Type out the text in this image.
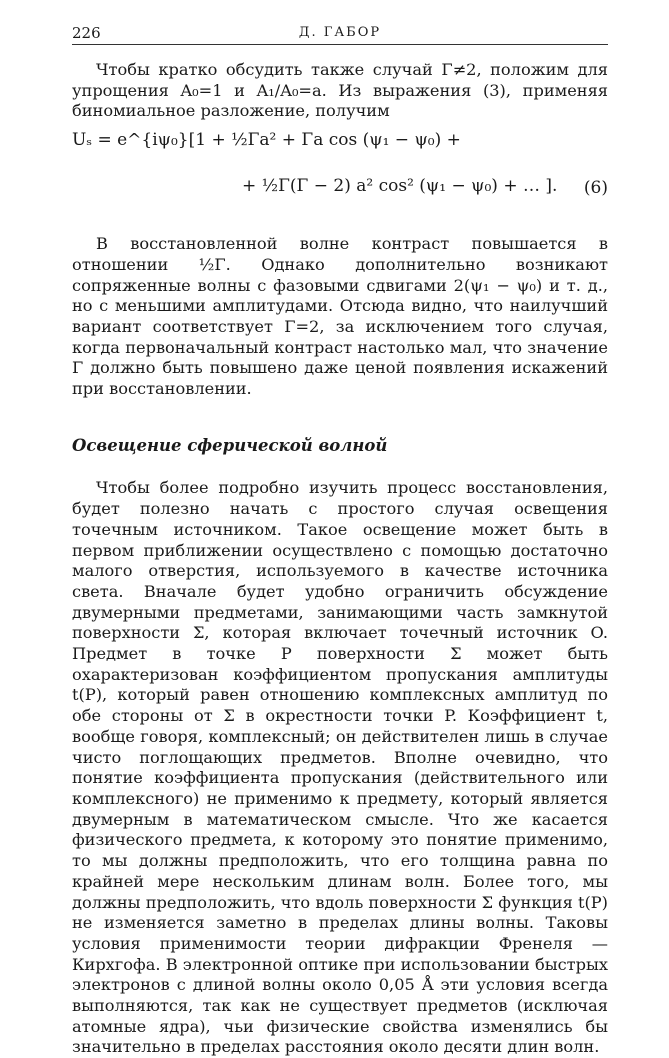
226	Д. ГАБОР

Чтобы кратко обсудить также случай Γ≠2, положим для упрощения A₀=1 и A₁/A₀=a. Из выражения (3), применяя биномиальное разложение, получим

Uₛ = e^{iψ₀}[1 + ½Γa² + Γa cos (ψ₁ − ψ₀) +
+ ½Γ(Γ − 2) a² cos² (ψ₁ − ψ₀) + … ]. (6)

В восстановленной волне контраст повышается в отношении ½Γ. Однако дополнительно возникают сопряженные волны с фазовыми сдвигами 2(ψ₁ − ψ₀) и т. д., но с меньшими амплитудами. Отсюда видно, что наилучший вариант соответствует Γ=2, за исключением того случая, когда первоначальный контраст настолько мал, что значение Γ должно быть повышено даже ценой появления искажений при восстановлении.

Освещение сферической волной

Чтобы более подробно изучить процесс восстановления, будет полезно начать с простого случая освещения точечным источником. Такое освещение может быть в первом приближении осуществлено с помощью достаточно малого отверстия, используемого в качестве источника света. Вначале будет удобно ограничить обсуждение двумерными предметами, занимающими часть замкнутой поверхности Σ, которая включает точечный источник O. Предмет в точке P поверхности Σ может быть охарактеризован коэффициентом пропускания амплитуды t(P), который равен отношению комплексных амплитуд по обе стороны от Σ в окрестности точки P. Коэффициент t, вообще говоря, комплексный; он действителен лишь в случае чисто поглощающих предметов. Вполне очевидно, что понятие коэффициента пропускания (действительного или комплексного) не применимо к предмету, который является двумерным в математическом смысле. Что же касается физического предмета, к которому это понятие применимо, то мы должны предположить, что его толщина равна по крайней мере нескольким длинам волн. Более того, мы должны предположить, что вдоль поверхности Σ функция t(P) не изменяется заметно в пределах длины волны. Таковы условия применимости теории дифракции Френеля — Кирхгофа. В электронной оптике при использовании быстрых электронов с длиной волны около 0,05 Å эти условия всегда выполняются, так как не существует предметов (исключая атомные ядра), чьи физические свойства изменялись бы значительно в пределах расстояния около десяти длин волн.
